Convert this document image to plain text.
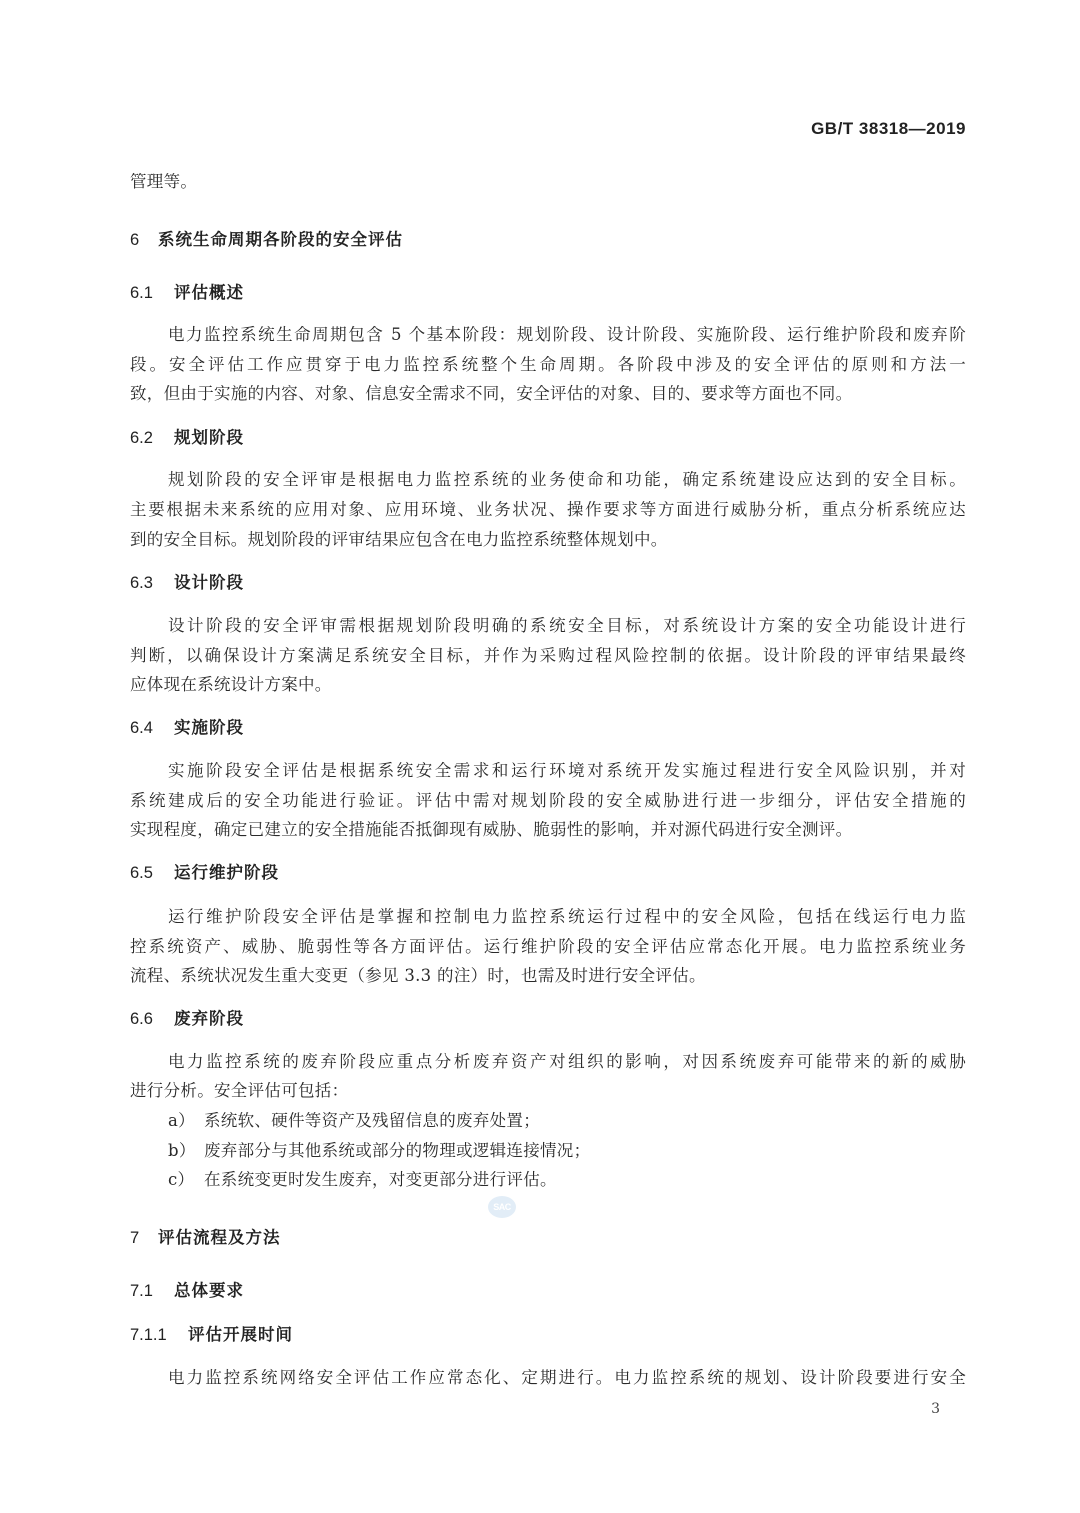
GB/T 38318—2019
管理等。
6 系统生命周期各阶段的安全评估
6.1 评估概述
电力监控系统生命周期包含 5 个基本阶段：规划阶段、设计阶段、实施阶段、运行维护阶段和废弃阶
段。安全评估工作应贯穿于电力监控系统整个生命周期。各阶段中涉及的安全评估的原则和方法一
致，但由于实施的内容、对象、信息安全需求不同，安全评估的对象、目的、要求等方面也不同。
6.2 规划阶段
规划阶段的安全评审是根据电力监控系统的业务使命和功能，确定系统建设应达到的安全目标。
主要根据未来系统的应用对象、应用环境、业务状况、操作要求等方面进行威胁分析，重点分析系统应达
到的安全目标。规划阶段的评审结果应包含在电力监控系统整体规划中。
6.3 设计阶段
设计阶段的安全评审需根据规划阶段明确的系统安全目标，对系统设计方案的安全功能设计进行
判断，以确保设计方案满足系统安全目标，并作为采购过程风险控制的依据。设计阶段的评审结果最终
应体现在系统设计方案中。
6.4 实施阶段
实施阶段安全评估是根据系统安全需求和运行环境对系统开发实施过程进行安全风险识别，并对
系统建成后的安全功能进行验证。评估中需对规划阶段的安全威胁进行进一步细分，评估安全措施的
实现程度，确定已建立的安全措施能否抵御现有威胁、脆弱性的影响，并对源代码进行安全测评。
6.5 运行维护阶段
运行维护阶段安全评估是掌握和控制电力监控系统运行过程中的安全风险，包括在线运行电力监
控系统资产、威胁、脆弱性等各方面评估。运行维护阶段的安全评估应常态化开展。电力监控系统业务
流程、系统状况发生重大变更（参见 3.3 的注）时，也需及时进行安全评估。
6.6 废弃阶段
电力监控系统的废弃阶段应重点分析废弃资产对组织的影响，对因系统废弃可能带来的新的威胁
进行分析。安全评估可包括：
a） 系统软、硬件等资产及残留信息的废弃处置；
b） 废弃部分与其他系统或部分的物理或逻辑连接情况；
c） 在系统变更时发生废弃，对变更部分进行评估。
SAC
7 评估流程及方法
7.1 总体要求
7.1.1 评估开展时间
电力监控系统网络安全评估工作应常态化、定期进行。电力监控系统的规划、设计阶段要进行安全
3
